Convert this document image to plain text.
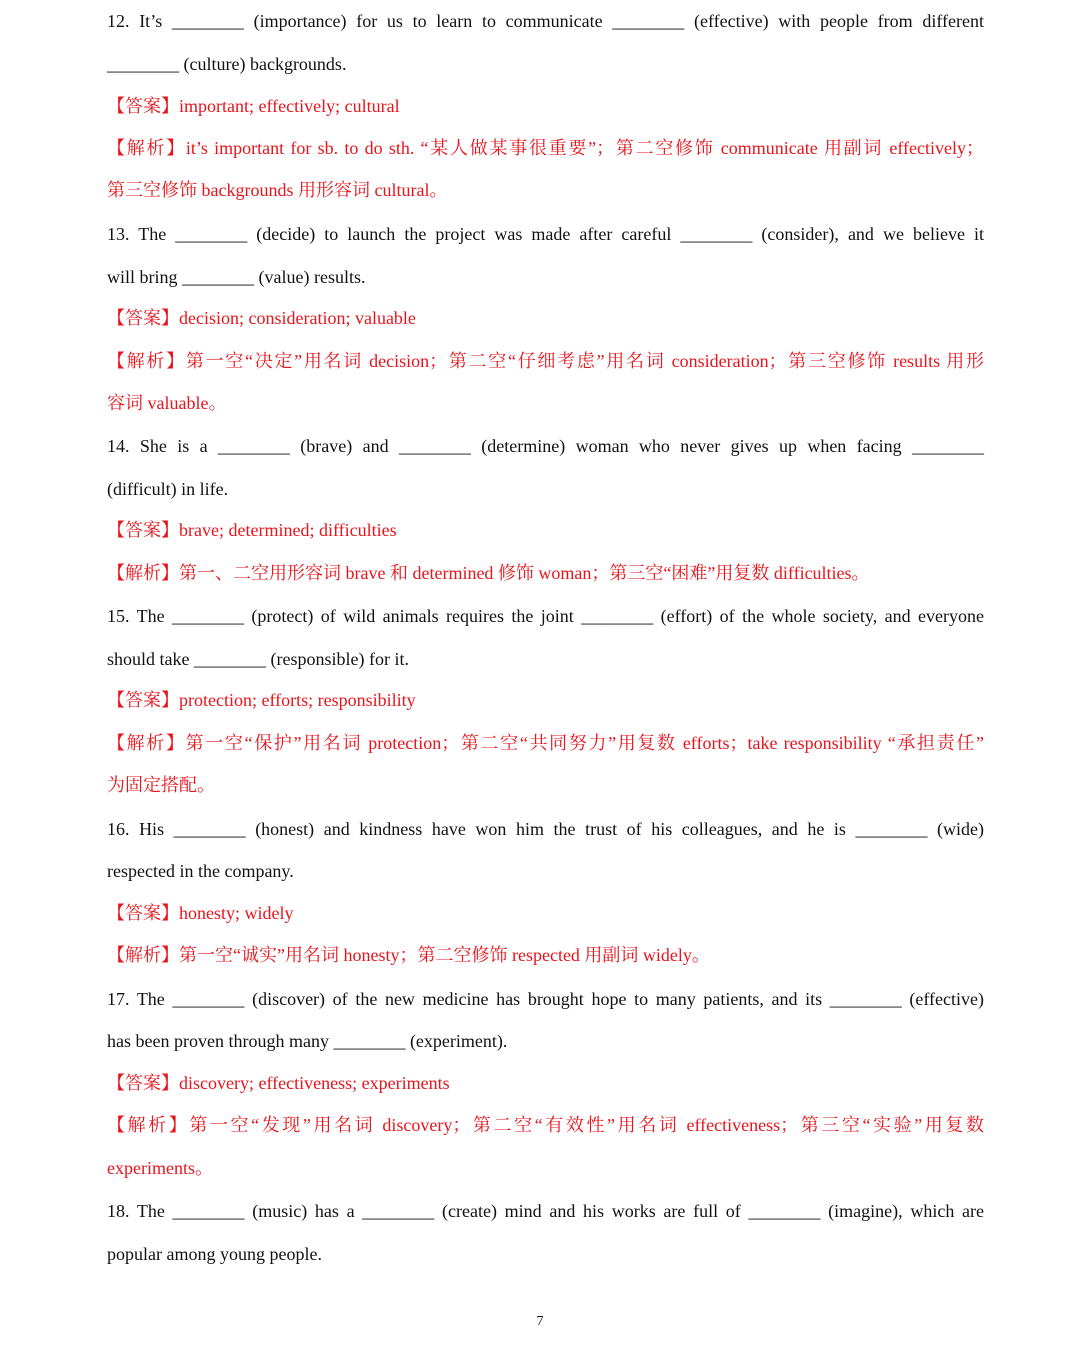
12. It’s ________ (importance) for us to learn to communicate ________ (effective) with people from different
________ (culture) backgrounds.
【答案】important; effectively; cultural
【解析】it’s important for sb. to do sth. “某人做某事很重要”；第二空修饰 communicate 用副词 effectively；
第三空修饰 backgrounds 用形容词 cultural。
13. The ________ (decide) to launch the project was made after careful ________ (consider), and we believe it
will bring ________ (value) results.
【答案】decision; consideration; valuable
【解析】第一空“决定”用名词 decision；第二空“仔细考虑”用名词 consideration；第三空修饰 results 用形
容词 valuable。
14. She is a ________ (brave) and ________ (determine) woman who never gives up when facing ________
(difficult) in life.
【答案】brave; determined; difficulties
【解析】第一、二空用形容词 brave 和 determined 修饰 woman；第三空“困难”用复数 difficulties。
15. The ________ (protect) of wild animals requires the joint ________ (effort) of the whole society, and everyone
should take ________ (responsible) for it.
【答案】protection; efforts; responsibility
【解析】第一空“保护”用名词 protection；第二空“共同努力”用复数 efforts；take responsibility “承担责任”
为固定搭配。
16. His ________ (honest) and kindness have won him the trust of his colleagues, and he is ________ (wide)
respected in the company.
【答案】honesty; widely
【解析】第一空“诚实”用名词 honesty；第二空修饰 respected 用副词 widely。
17. The ________ (discover) of the new medicine has brought hope to many patients, and its ________ (effective)
has been proven through many ________ (experiment).
【答案】discovery; effectiveness; experiments
【解析】第一空“发现”用名词 discovery；第二空“有效性”用名词 effectiveness；第三空“实验”用复数
experiments。
18. The ________ (music) has a ________ (create) mind and his works are full of ________ (imagine), which are
popular among young people.
7
